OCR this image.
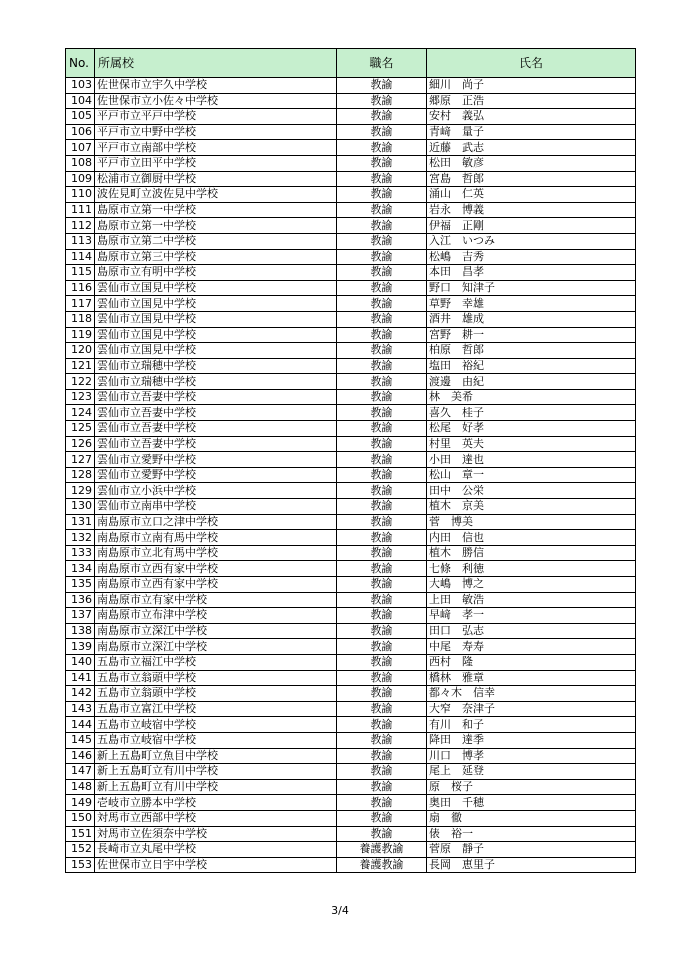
No.	所属校	職名	氏名
103	佐世保市立宇久中学校	教諭	細川　尚子
104	佐世保市立小佐々中学校	教諭	郷原　正浩
105	平戸市立平戸中学校	教諭	安村　義弘
106	平戸市立中野中学校	教諭	青﨑　量子
107	平戸市立南部中学校	教諭	近藤　武志
108	平戸市立田平中学校	教諭	松田　敏彦
109	松浦市立御厨中学校	教諭	宮島　哲郎
110	波佐見町立波佐見中学校	教諭	涌山　仁英
111	島原市立第一中学校	教諭	岩永　博義
112	島原市立第一中学校	教諭	伊福　正剛
113	島原市立第二中学校	教諭	入江　いつみ
114	島原市立第三中学校	教諭	松嶋　吉秀
115	島原市立有明中学校	教諭	本田　昌孝
116	雲仙市立国見中学校	教諭	野口　知津子
117	雲仙市立国見中学校	教諭	草野　幸雄
118	雲仙市立国見中学校	教諭	酒井　雄成
119	雲仙市立国見中学校	教諭	宮野　耕一
120	雲仙市立国見中学校	教諭	柏原　哲郎
121	雲仙市立瑞穂中学校	教諭	塩田　裕紀
122	雲仙市立瑞穂中学校	教諭	渡邊　由紀
123	雲仙市立吾妻中学校	教諭	林　美希
124	雲仙市立吾妻中学校	教諭	喜久　桂子
125	雲仙市立吾妻中学校	教諭	松尾　好孝
126	雲仙市立吾妻中学校	教諭	村里　英夫
127	雲仙市立愛野中学校	教諭	小田　達也
128	雲仙市立愛野中学校	教諭	松山　章一
129	雲仙市立小浜中学校	教諭	田中　公栄
130	雲仙市立南串中学校	教諭	植木　京美
131	南島原市立口之津中学校	教諭	菅　博美
132	南島原市立南有馬中学校	教諭	内田　信也
133	南島原市立北有馬中学校	教諭	植木　勝信
134	南島原市立西有家中学校	教諭	七條　利徳
135	南島原市立西有家中学校	教諭	大嶋　博之
136	南島原市立有家中学校	教諭	上田　敏浩
137	南島原市立布津中学校	教諭	早﨑　孝一
138	南島原市立深江中学校	教諭	田口　弘志
139	南島原市立深江中学校	教諭	中尾　寿寿
140	五島市立福江中学校	教諭	西村　隆
141	五島市立翁頭中学校	教諭	橋林　雅章
142	五島市立翁頭中学校	教諭	都々木　信幸
143	五島市立富江中学校	教諭	大窄　奈津子
144	五島市立岐宿中学校	教諭	有川　和子
145	五島市立岐宿中学校	教諭	降田　達季
146	新上五島町立魚目中学校	教諭	川口　博孝
147	新上五島町立有川中学校	教諭	尾上　延登
148	新上五島町立有川中学校	教諭	原　桜子
149	壱岐市立勝本中学校	教諭	奥田　千穂
150	対馬市立西部中学校	教諭	扇　徹
151	対馬市立佐須奈中学校	教諭	俵　裕一
152	長崎市立丸尾中学校	養護教諭	菅原　靜子
153	佐世保市立日宇中学校	養護教諭	長岡　恵里子
3/4
